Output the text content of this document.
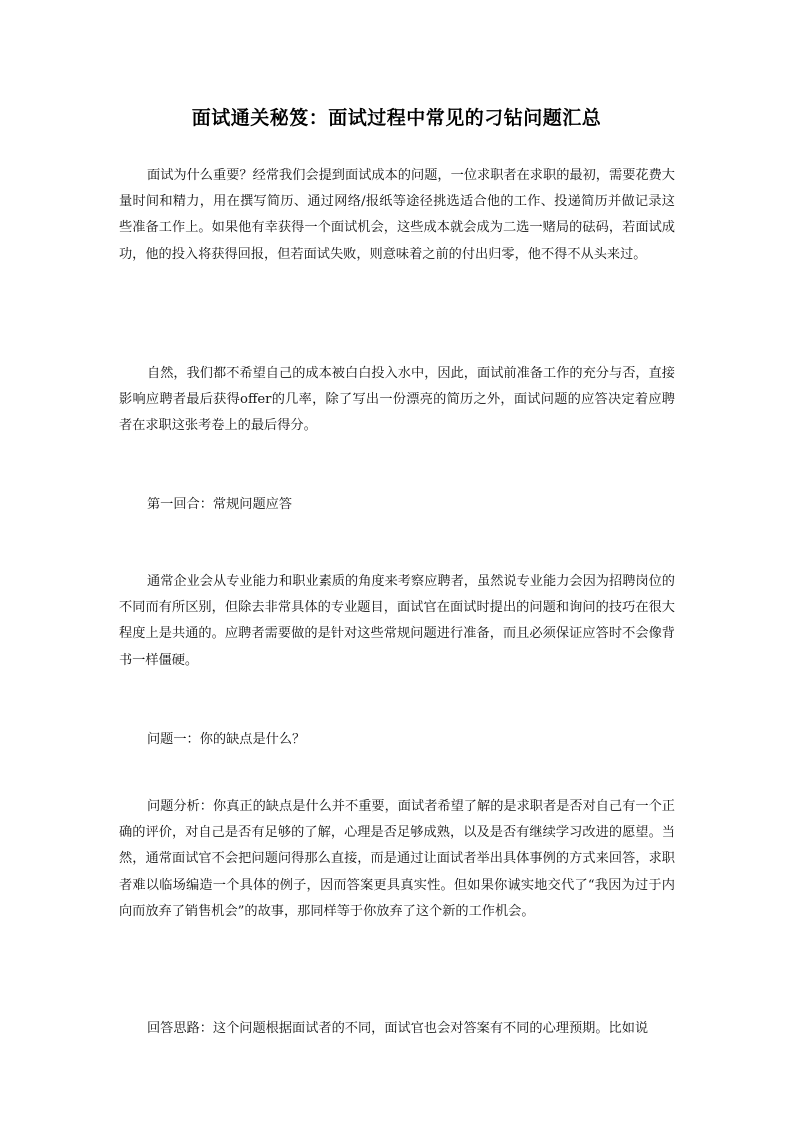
面试通关秘笈：面试过程中常见的刁钻问题汇总

面试为什么重要？经常我们会提到面试成本的问题，一位求职者在求职的最初，需要花费大量时间和精力，用在撰写简历、通过网络/报纸等途径挑选适合他的工作、投递简历并做记录这些准备工作上。如果他有幸获得一个面试机会，这些成本就会成为二选一赌局的砝码，若面试成功，他的投入将获得回报，但若面试失败，则意味着之前的付出归零，他不得不从头来过。

自然，我们都不希望自己的成本被白白投入水中，因此，面试前准备工作的充分与否，直接影响应聘者最后获得offer的几率，除了写出一份漂亮的简历之外，面试问题的应答决定着应聘者在求职这张考卷上的最后得分。

第一回合：常规问题应答

通常企业会从专业能力和职业素质的角度来考察应聘者，虽然说专业能力会因为招聘岗位的不同而有所区别，但除去非常具体的专业题目，面试官在面试时提出的问题和询问的技巧在很大程度上是共通的。应聘者需要做的是针对这些常规问题进行准备，而且必须保证应答时不会像背书一样僵硬。

问题一：你的缺点是什么？

问题分析：你真正的缺点是什么并不重要，面试者希望了解的是求职者是否对自己有一个正确的评价，对自己是否有足够的了解，心理是否足够成熟，以及是否有继续学习改进的愿望。当然，通常面试官不会把问题问得那么直接，而是通过让面试者举出具体事例的方式来回答，求职者难以临场编造一个具体的例子，因而答案更具真实性。但如果你诚实地交代了“我因为过于内向而放弃了销售机会”的故事，那同样等于你放弃了这个新的工作机会。

回答思路：这个问题根据面试者的不同，面试官也会对答案有不同的心理预期。比如说
